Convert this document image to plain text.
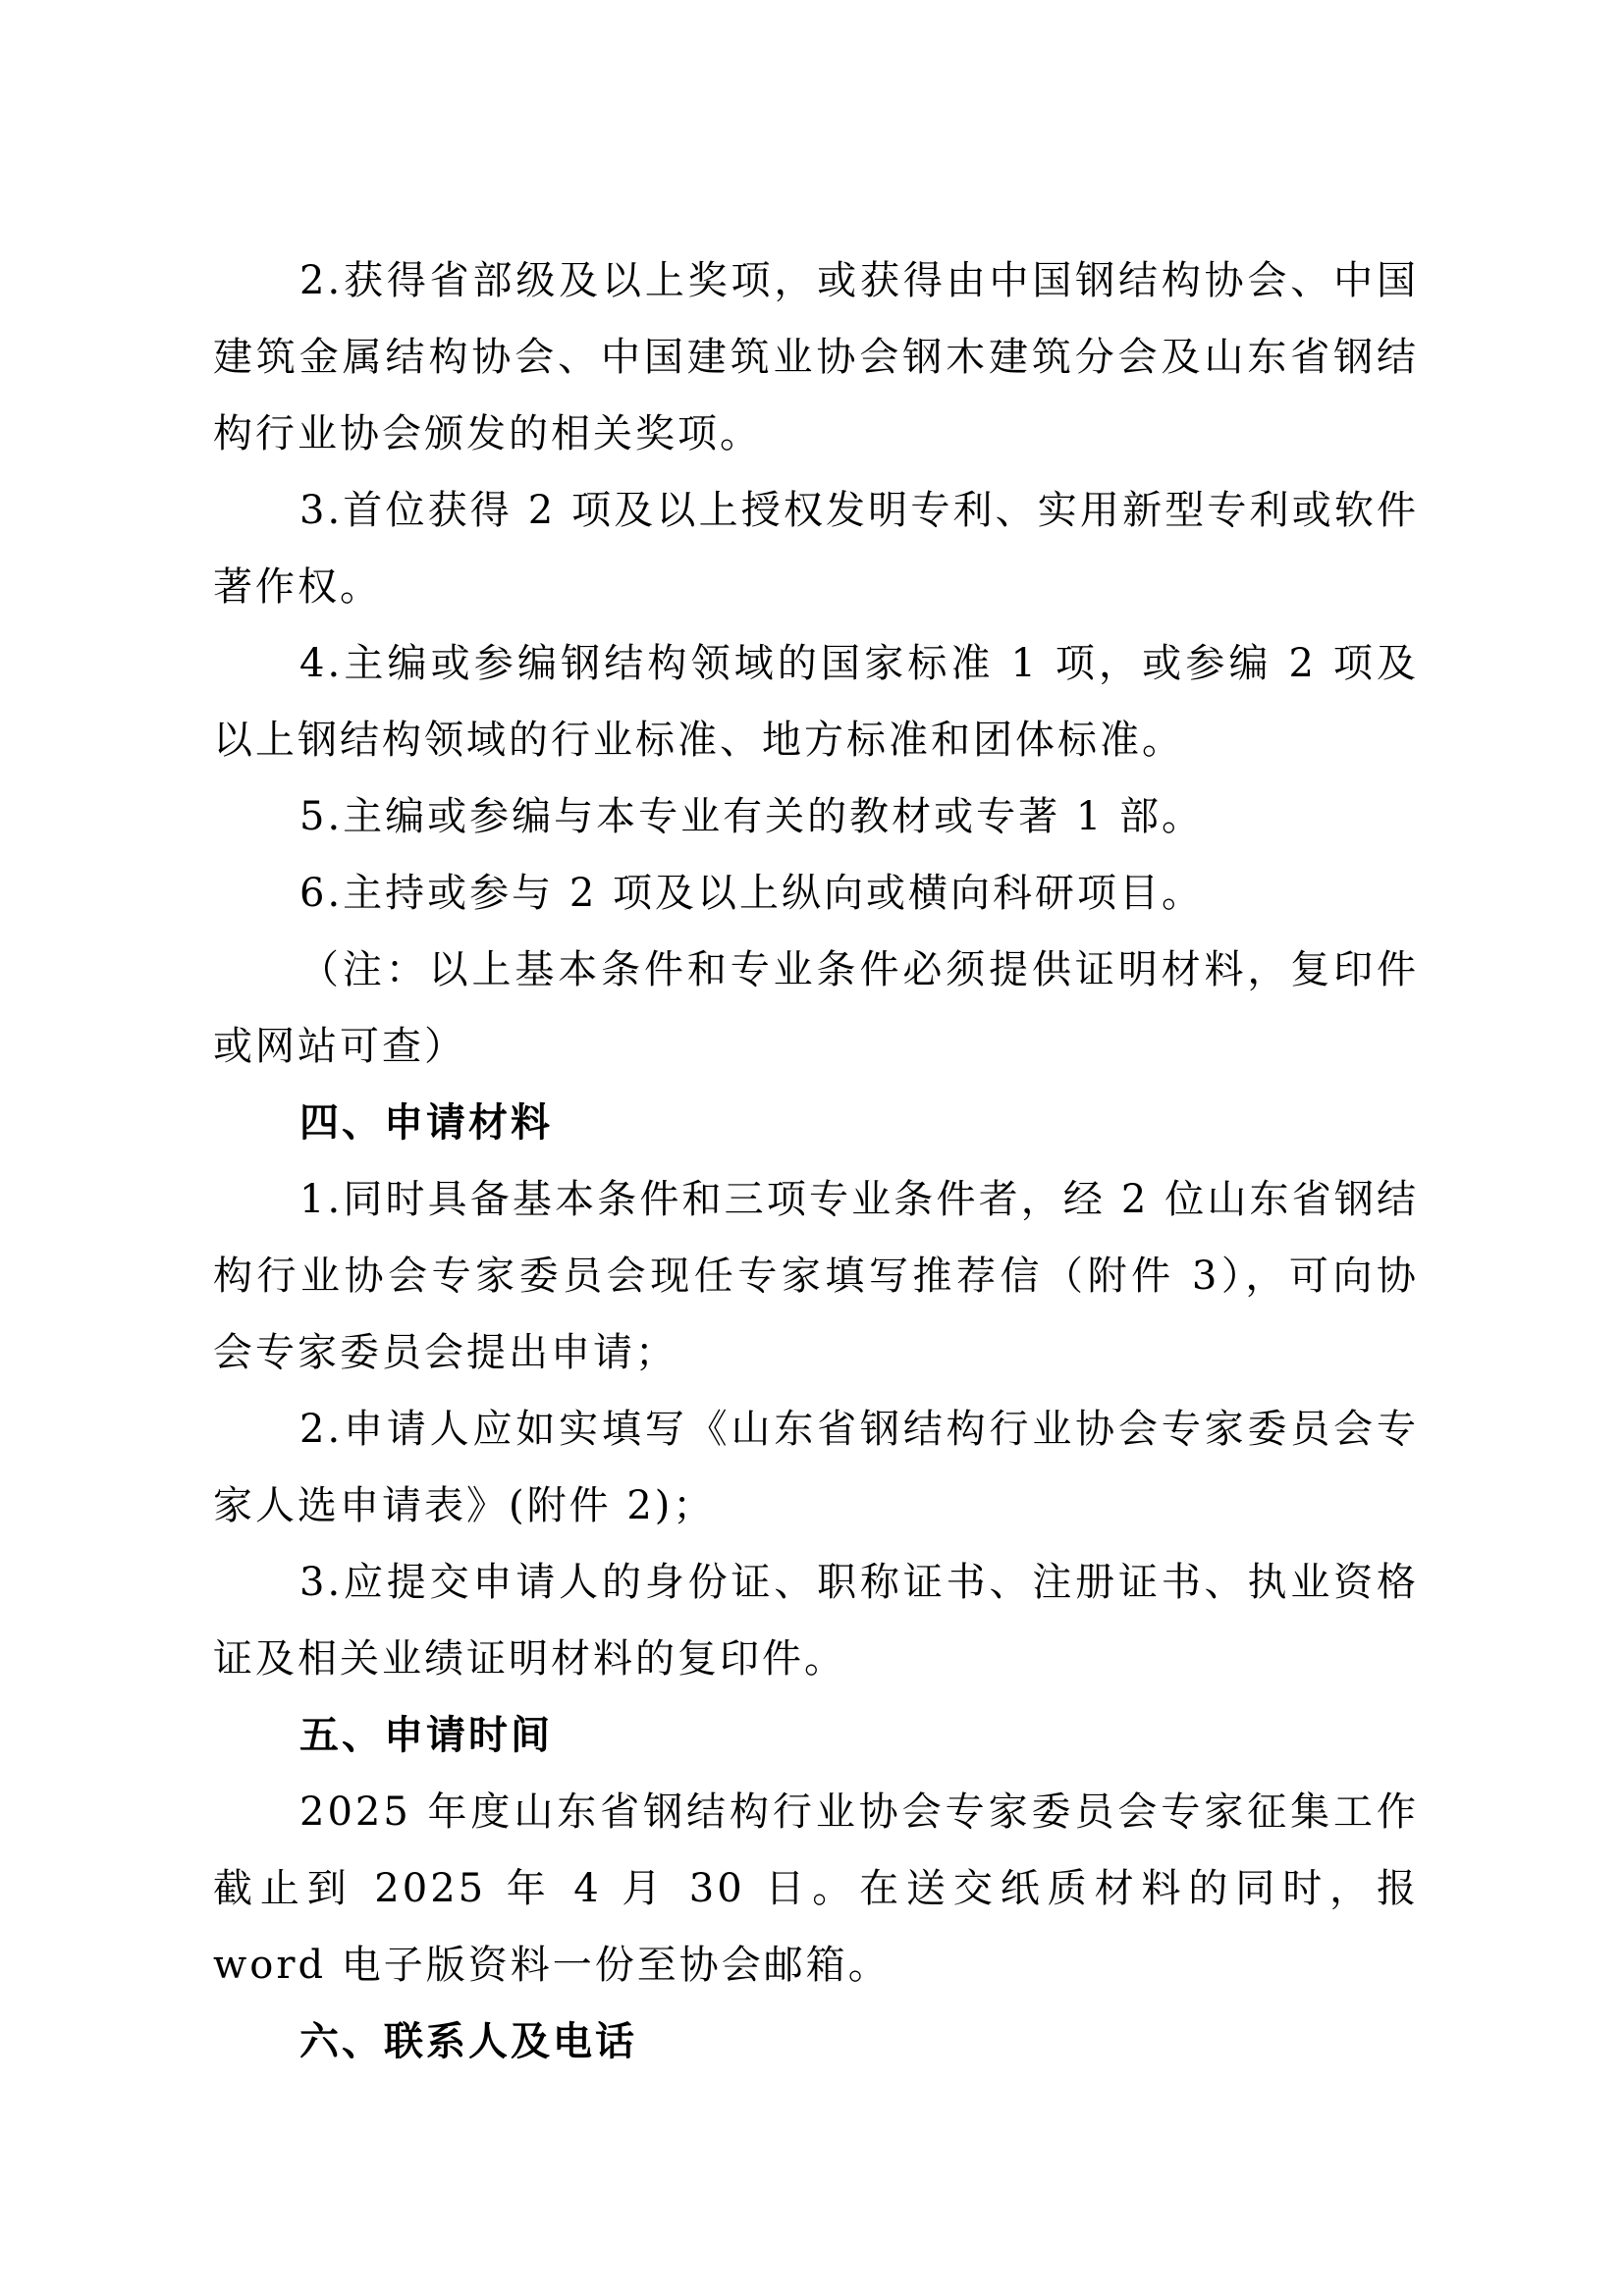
2.获得省部级及以上奖项，或获得由中国钢结构协会、中国建筑金属结构协会、中国建筑业协会钢木建筑分会及山东省钢结构行业协会颁发的相关奖项。

3.首位获得 2 项及以上授权发明专利、实用新型专利或软件著作权。

4.主编或参编钢结构领域的国家标准 1 项，或参编 2 项及以上钢结构领域的行业标准、地方标准和团体标准。

5.主编或参编与本专业有关的教材或专著 1 部。

6.主持或参与 2 项及以上纵向或横向科研项目。

（注：以上基本条件和专业条件必须提供证明材料，复印件或网站可查）

四、申请材料

1.同时具备基本条件和三项专业条件者，经 2 位山东省钢结构行业协会专家委员会现任专家填写推荐信（附件 3），可向协会专家委员会提出申请；

2.申请人应如实填写《山东省钢结构行业协会专家委员会专家人选申请表》(附件 2)；

3.应提交申请人的身份证、职称证书、注册证书、执业资格证及相关业绩证明材料的复印件。

五、申请时间

2025 年度山东省钢结构行业协会专家委员会专家征集工作截止到 2025 年 4 月 30 日。在送交纸质材料的同时，报 word 电子版资料一份至协会邮箱。

六、联系人及电话
